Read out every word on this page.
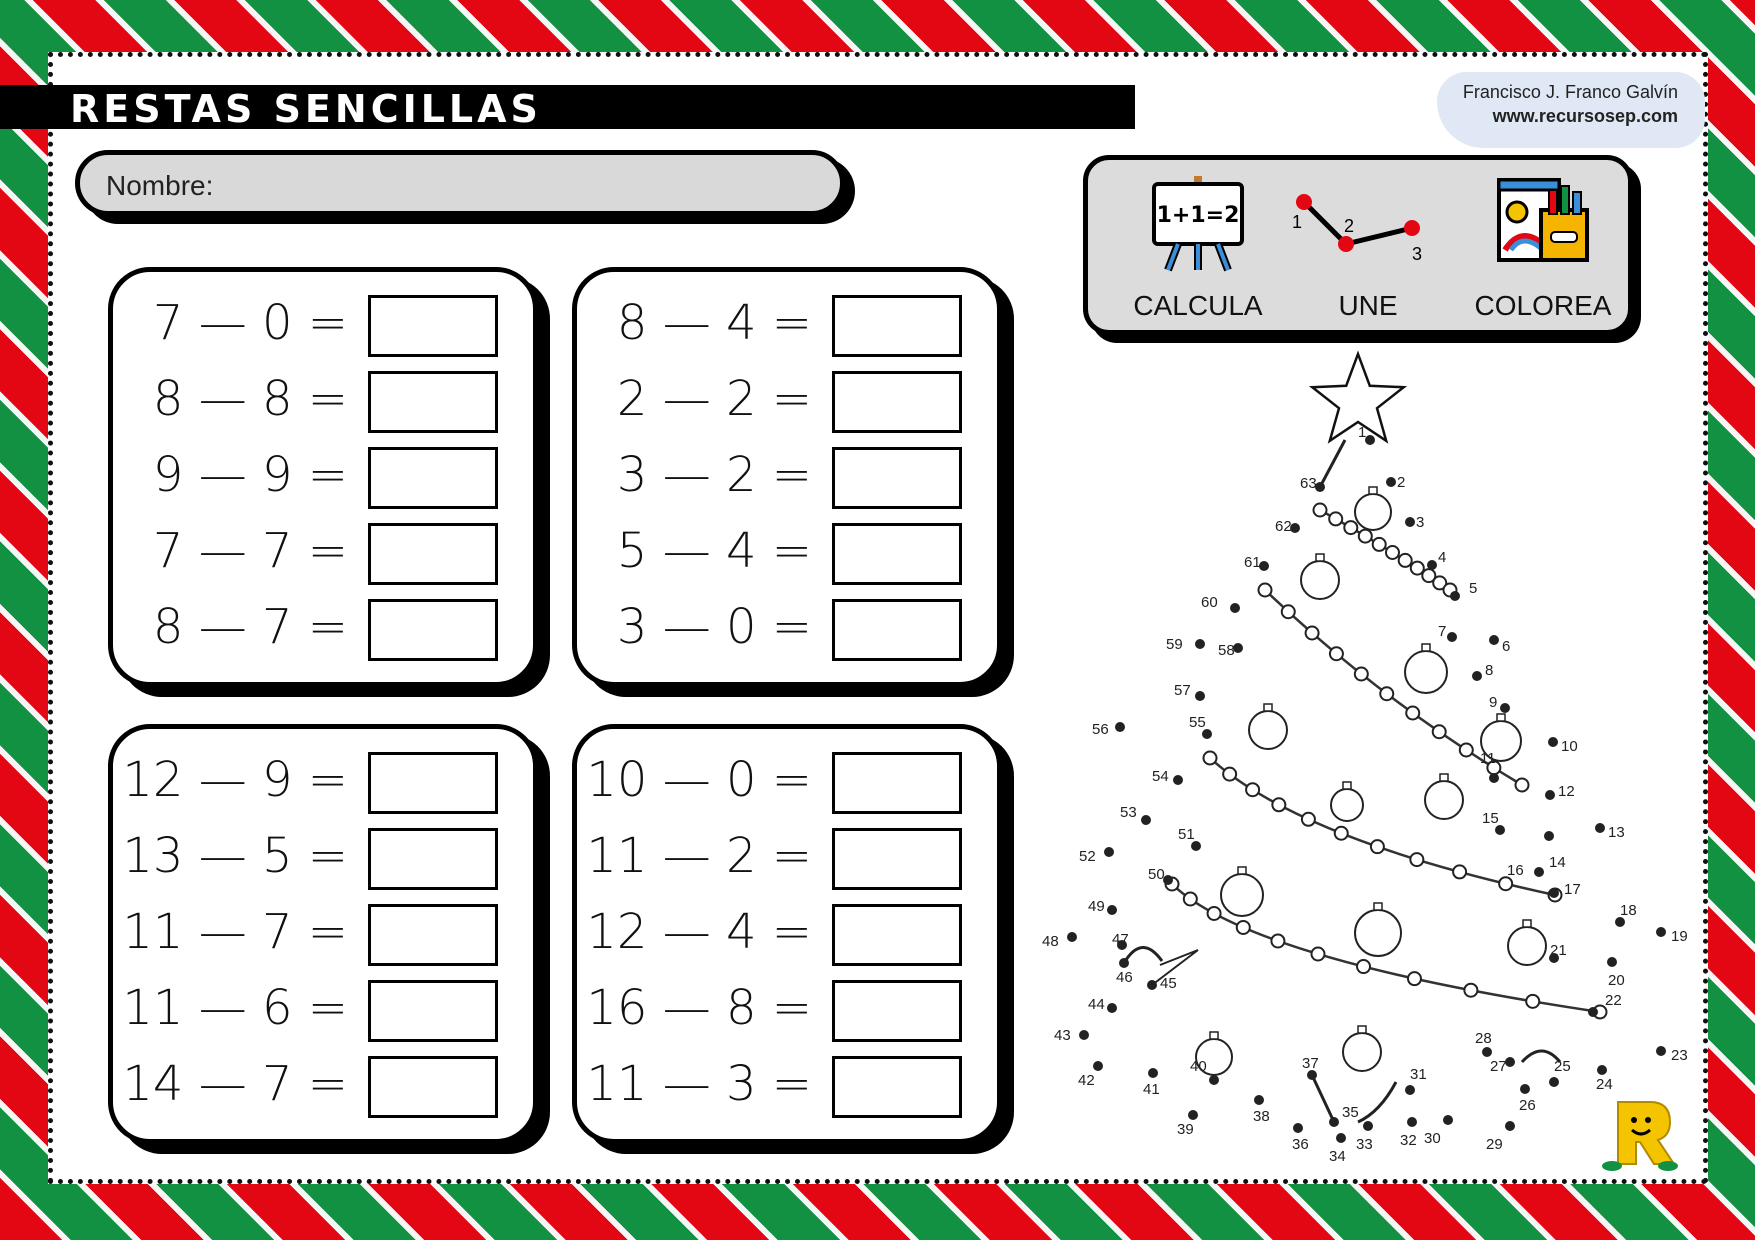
RESTAS SENCILLAS	Francisco J. Franco Galvín
www.recursosep.com
Nombre:
1+1=2	1 2
3
CALCULA	UNE	COLOREA
7 — 0 =
8 — 8 =
9 — 9 =
7 — 7 =
8 — 7 =
8 — 4 =
2 — 2 =
3 — 2 =
5 — 4 =
3 — 0 =
12 — 9 =
13 — 5 =
11 — 7 =
11 — 6 =
14 — 7 =
10 — 0 =
11 — 2 =
12 — 4 =
16 — 8 =
11 — 3 =
1
2
3
4
5
6
7
8
9
10
11
12
13
14
15
16
17
18
19
20
21
22
23
24
25
26
27
28
29
30
31
32
33
34
35
36
37
38
39
40
41
42
43
44
45
46
47
48
49
50
51
52
53
54
55
56
57
58
59
60
61
62
63
